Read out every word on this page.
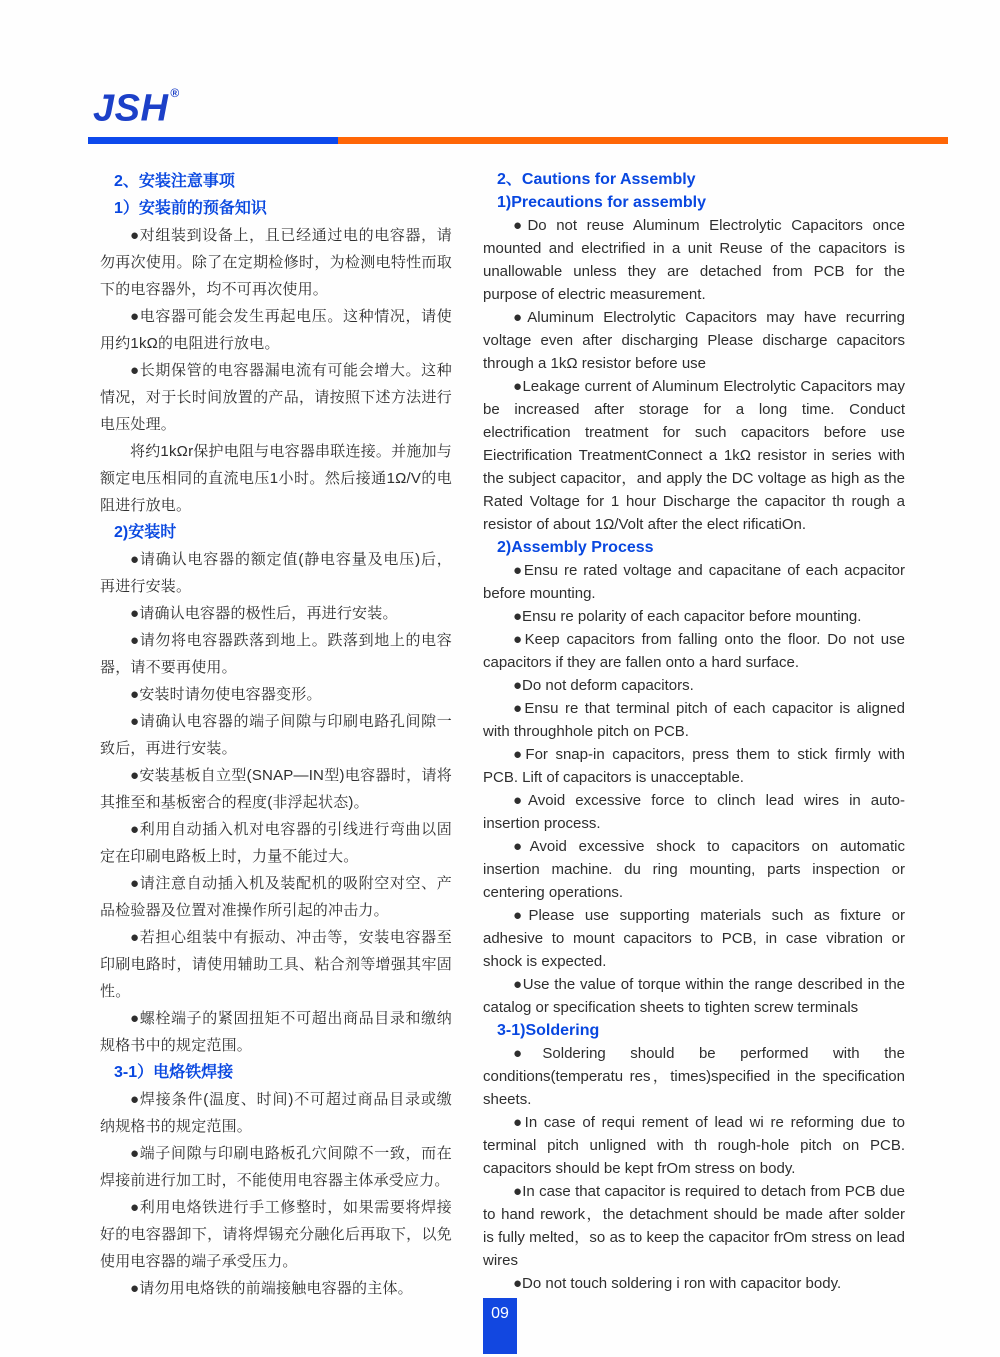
JSH ®
2、安装注意事项
1）安装前的预备知识

●对组装到设备上，且已经通过电的电容器，请勿再次使用。除了在定期检修时，为检测电特性而取下的电容器外，均不可再次使用。

●电容器可能会发生再起电压。这种情况，请使用约1kΩ的电阻进行放电。

●长期保管的电容器漏电流有可能会增大。这种情况，对于长时间放置的产品，请按照下述方法进行电压处理。

将约1kΩr保护电阻与电容器串联连接。并施加与额定电压相同的直流电压1小时。然后接通1Ω/V的电阻进行放电。

2)安装时

●请确认电容器的额定值(静电容量及电压)后，再进行安装。

●请确认电容器的极性后，再进行安装。

●请勿将电容器跌落到地上。跌落到地上的电容器，请不要再使用。

●安装时请勿使电容器变形。

●请确认电容器的端子间隙与印刷电路孔间隙一致后，再进行安装。

●安装基板自立型(SNAP—IN型)电容器时，请将其推至和基板密合的程度(非浮起状态)。

●利用自动插入机对电容器的引线进行弯曲以固定在印刷电路板上时，力量不能过大。

●请注意自动插入机及装配机的吸附空对空、产品检验器及位置对准操作所引起的冲击力。

●若担心组装中有振动、冲击等，安装电容器至印刷电路时，请使用辅助工具、粘合剂等增强其牢固性。

●螺栓端子的紧固扭矩不可超出商品目录和缴纳规格书中的规定范围。

3-1）电烙铁焊接

●焊接条件(温度、时间)不可超过商品目录或缴纳规格书的规定范围。

●端子间隙与印刷电路板孔穴间隙不一致，而在焊接前进行加工时，不能使用电容器主体承受应力。

●利用电烙铁进行手工修整时，如果需要将焊接好的电容器卸下，请将焊锡充分融化后再取下，以免使用电容器的端子承受压力。

●请勿用电烙铁的前端接触电容器的主体。

2、Cautions for Assembly
1)Precautions for assembly

●Do not reuse Aluminum Electrolytic Capacitors once mounted and electrified in a unit Reuse of the capacitors is unallowable unless they are detached from PCB for the purpose of electric measurement.

●Aluminum Electrolytic Capacitors may have recurring voltage even after discharging Please discharge capacitors through a 1kΩ resistor before use

●Leakage current of Aluminum Electrolytic Capacitors may be increased after storage for a long time. Conduct electrification treatment for such capacitors before use Eiectrification TreatmentConnect a 1kΩ resistor in series with the subject capacitor，and apply the DC voltage as high as the Rated Voltage for 1 hour Discharge the capacitor th rough a resistor of about 1Ω/Volt after the elect rificatiOn.

2)Assembly Process

●Ensu re rated voltage and capacitane of each acpacitor before mounting.

●Ensu re polarity of each capacitor before mounting.

●Keep capacitors from falling onto the floor. Do not use capacitors if they are fallen onto a hard surface.

●Do not deform capacitors.

●Ensu re that terminal pitch of each capacitor is aligned with throughhole pitch on PCB.

●For snap-in capacitors, press them to stick firmly with PCB. Lift of capacitors is unacceptable.

●Avoid excessive force to clinch lead wires in auto-insertion process.

●Avoid excessive shock to capacitors on automatic insertion machine. du ring mounting, parts inspection or centering operations.

●Please use supporting materials such as fixture or adhesive to mount capacitors to PCB, in case vibration or shock is expected.

●Use the value of torque within the range described in the catalog or specification sheets to tighten screw terminals

3-1)Soldering

●Soldering should be performed with the conditions(temperatu res，times)specified in the specification sheets.

●In case of requi rement of lead wi re reforming due to terminal pitch unligned with th rough-hole pitch on PCB. capacitors should be kept frOm stress on body.

●In case that capacitor is required to detach from PCB due to hand rework，the detachment should be made after solder is fully melted，so as to keep the capacitor frOm stress on lead wires

●Do not touch soldering i ron with capacitor body.

09
